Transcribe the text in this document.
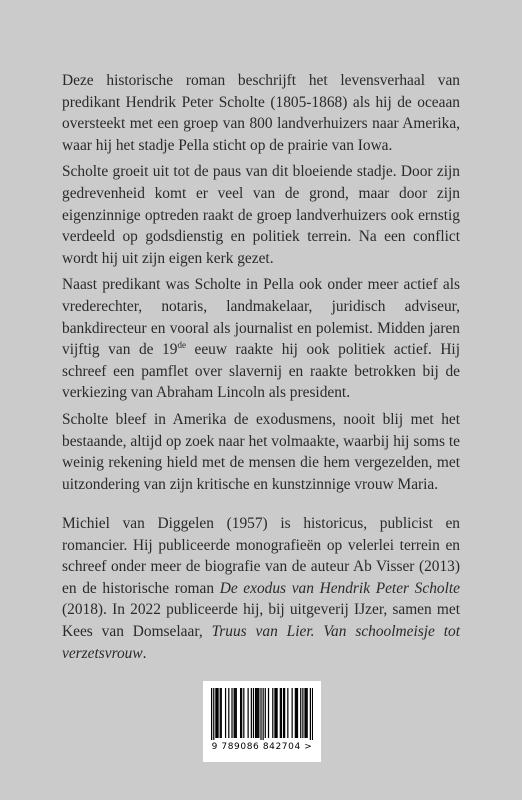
Deze historische roman beschrijft het levensverhaal van predikant Hendrik Peter Scholte (1805-1868) als hij de oceaan oversteekt met een groep van 800 landverhuizers naar Amerika, waar hij het stadje Pella sticht op de prairie van Iowa.

Scholte groeit uit tot de paus van dit bloeiende stadje. Door zijn gedrevenheid komt er veel van de grond, maar door zijn eigenzinnige optreden raakt de groep landverhuizers ook ernstig verdeeld op godsdienstig en politiek terrein. Na een conflict wordt hij uit zijn eigen kerk gezet.

Naast predikant was Scholte in Pella ook onder meer actief als vrederechter, notaris, landmakelaar, juridisch adviseur, bankdirecteur en vooral als journalist en polemist. Midden jaren vijftig van de 19de eeuw raakte hij ook politiek actief. Hij schreef een pamflet over slavernij en raakte betrokken bij de verkiezing van Abraham Lincoln als president.

Scholte bleef in Amerika de exodusmens, nooit blij met het bestaande, altijd op zoek naar het volmaakte, waarbij hij soms te weinig rekening hield met de mensen die hem vergezelden, met uitzondering van zijn kritische en kunstzinnige vrouw Maria.

Michiel van Diggelen (1957) is historicus, publicist en romancier. Hij publiceerde monografieën op velerlei terrein en schreef onder meer de biografie van de auteur Ab Visser (2013) en de historische roman De exodus van Hendrik Peter Scholte (2018). In 2022 publiceerde hij, bij uitgeverij IJzer, samen met Kees van Domselaar, Truus van Lier. Van schoolmeisje tot verzetsvrouw.

9 789086 842704 >
